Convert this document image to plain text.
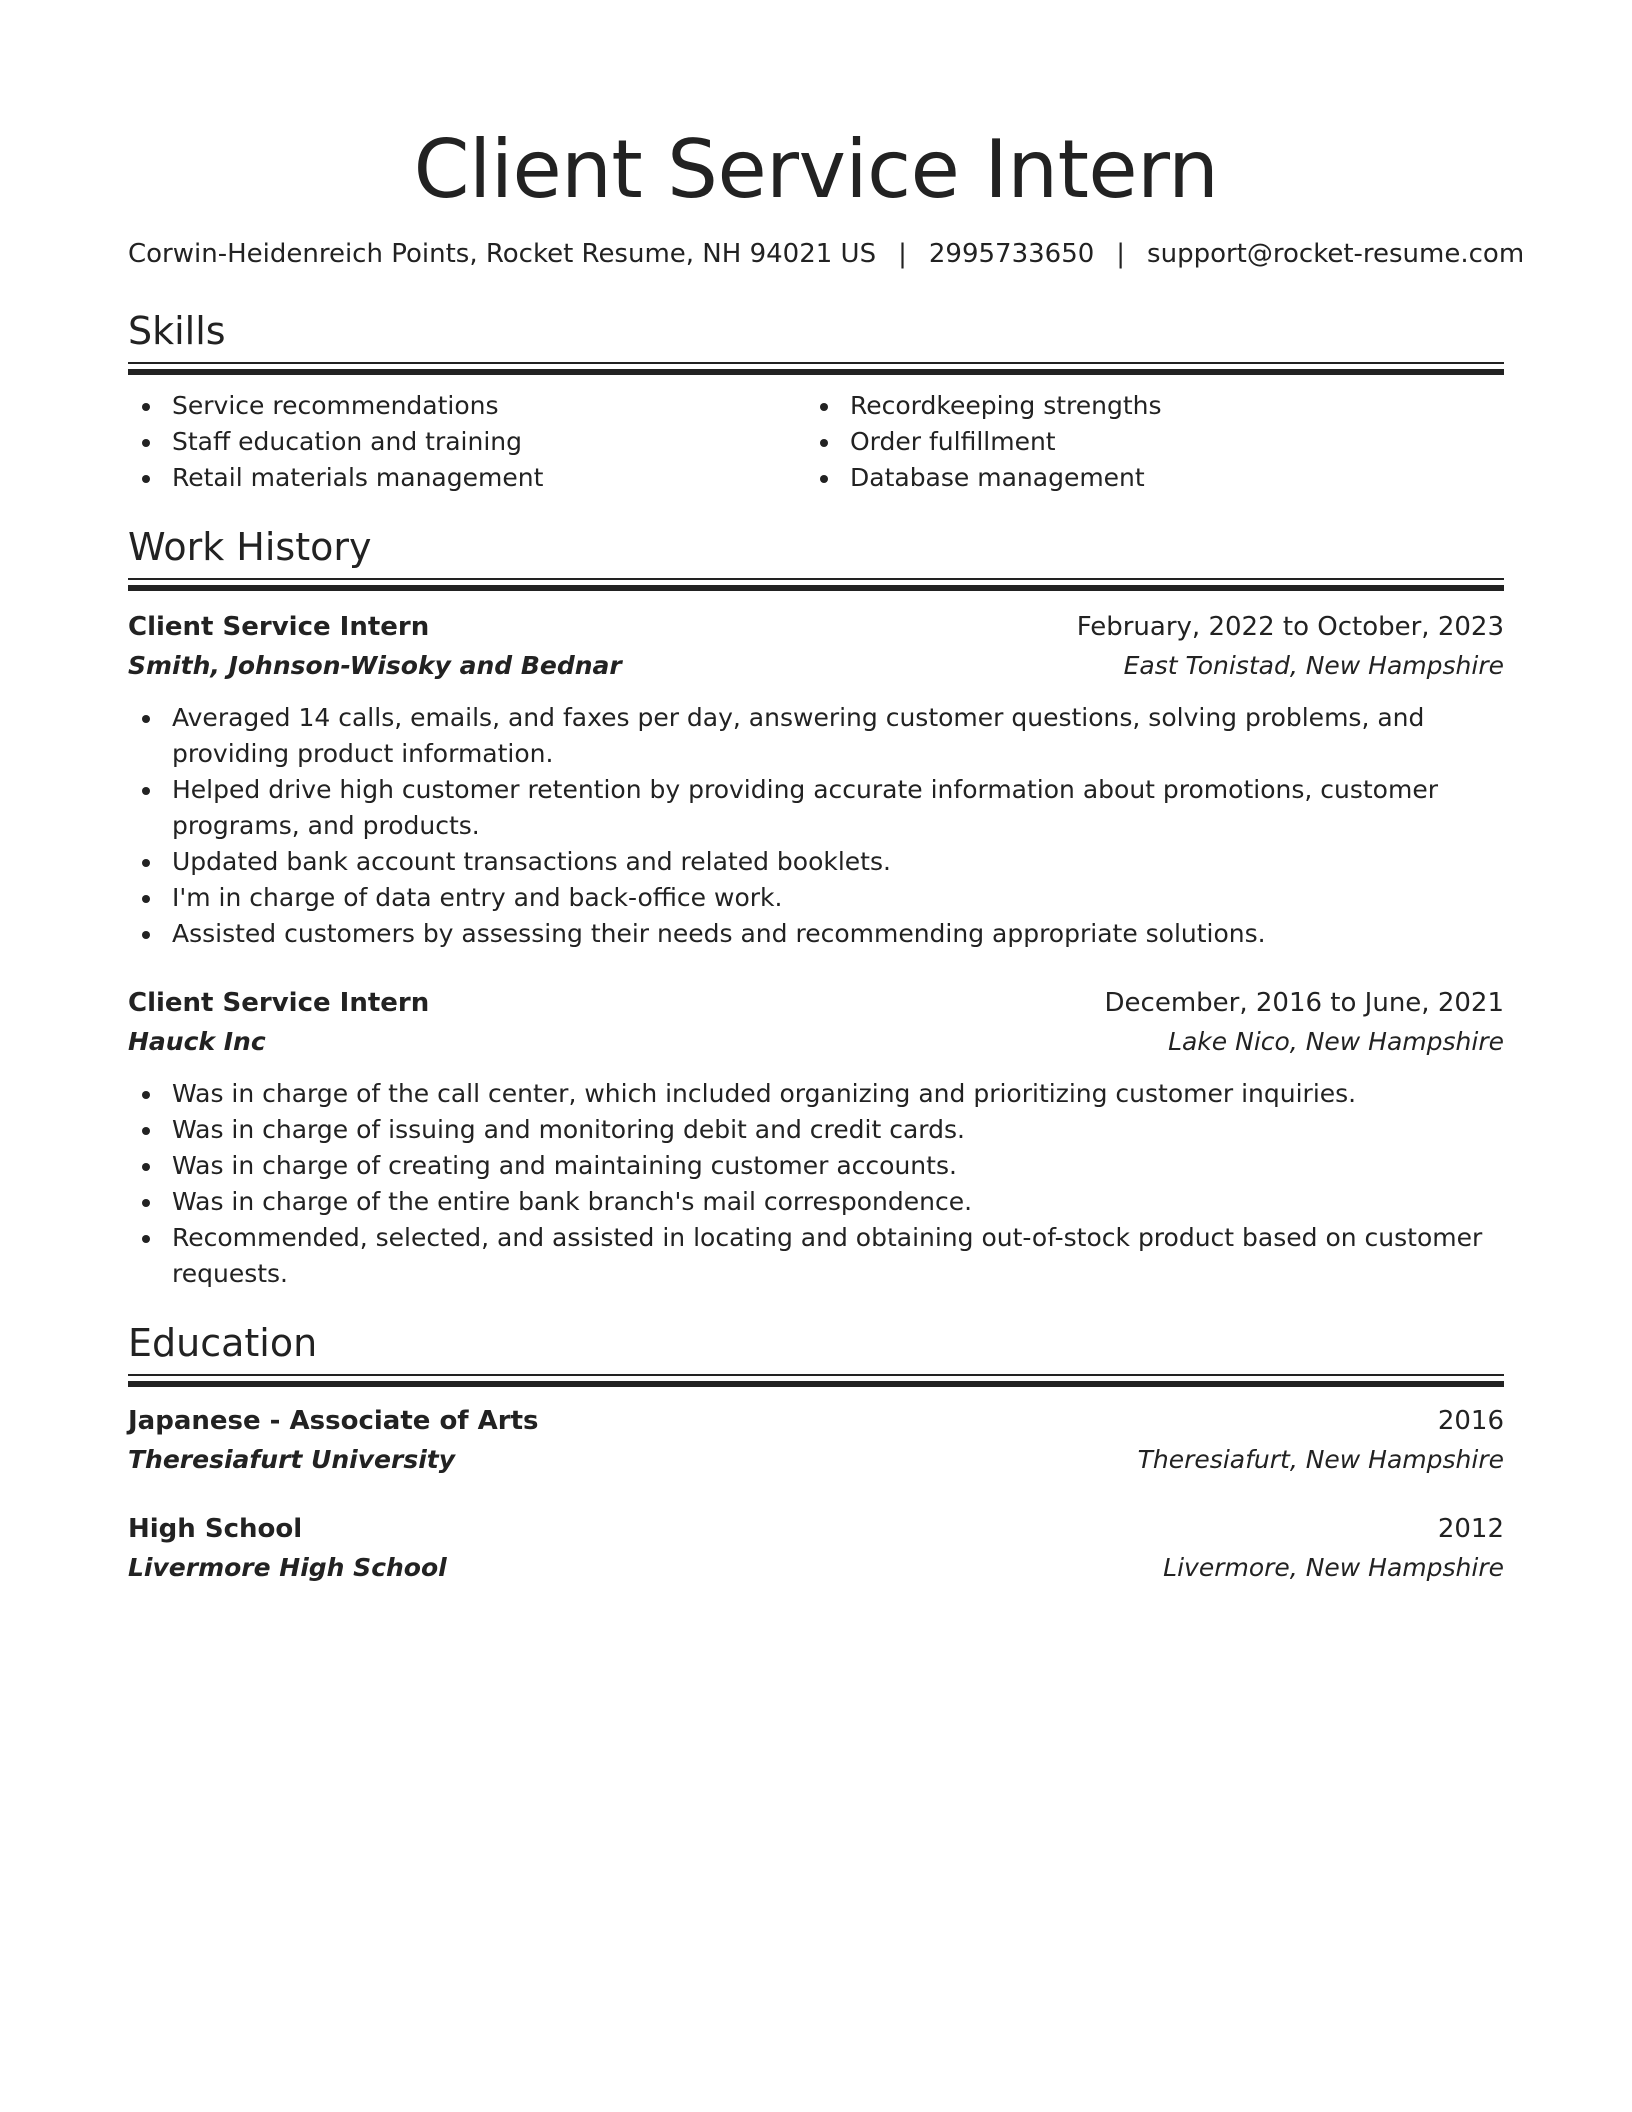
Client Service Intern
Corwin-Heidenreich Points, Rocket Resume, NH 94021 US | 2995733650 | support@rocket-resume.com
Skills
Service recommendations
Staff education and training
Retail materials management
Recordkeeping strengths
Order fulfillment
Database management
Work History
Client Service Intern	February, 2022 to October, 2023
Smith, Johnson-Wisoky and Bednar	East Tonistad, New Hampshire
Averaged 14 calls, emails, and faxes per day, answering customer questions, solving problems, and providing product information.
Helped drive high customer retention by providing accurate information about promotions, customer programs, and products.
Updated bank account transactions and related booklets.
I'm in charge of data entry and back-office work.
Assisted customers by assessing their needs and recommending appropriate solutions.
Client Service Intern	December, 2016 to June, 2021
Hauck Inc	Lake Nico, New Hampshire
Was in charge of the call center, which included organizing and prioritizing customer inquiries.
Was in charge of issuing and monitoring debit and credit cards.
Was in charge of creating and maintaining customer accounts.
Was in charge of the entire bank branch's mail correspondence.
Recommended, selected, and assisted in locating and obtaining out-of-stock product based on customer requests.
Education
Japanese - Associate of Arts	2016
Theresiafurt University	Theresiafurt, New Hampshire
High School	2012
Livermore High School	Livermore, New Hampshire
